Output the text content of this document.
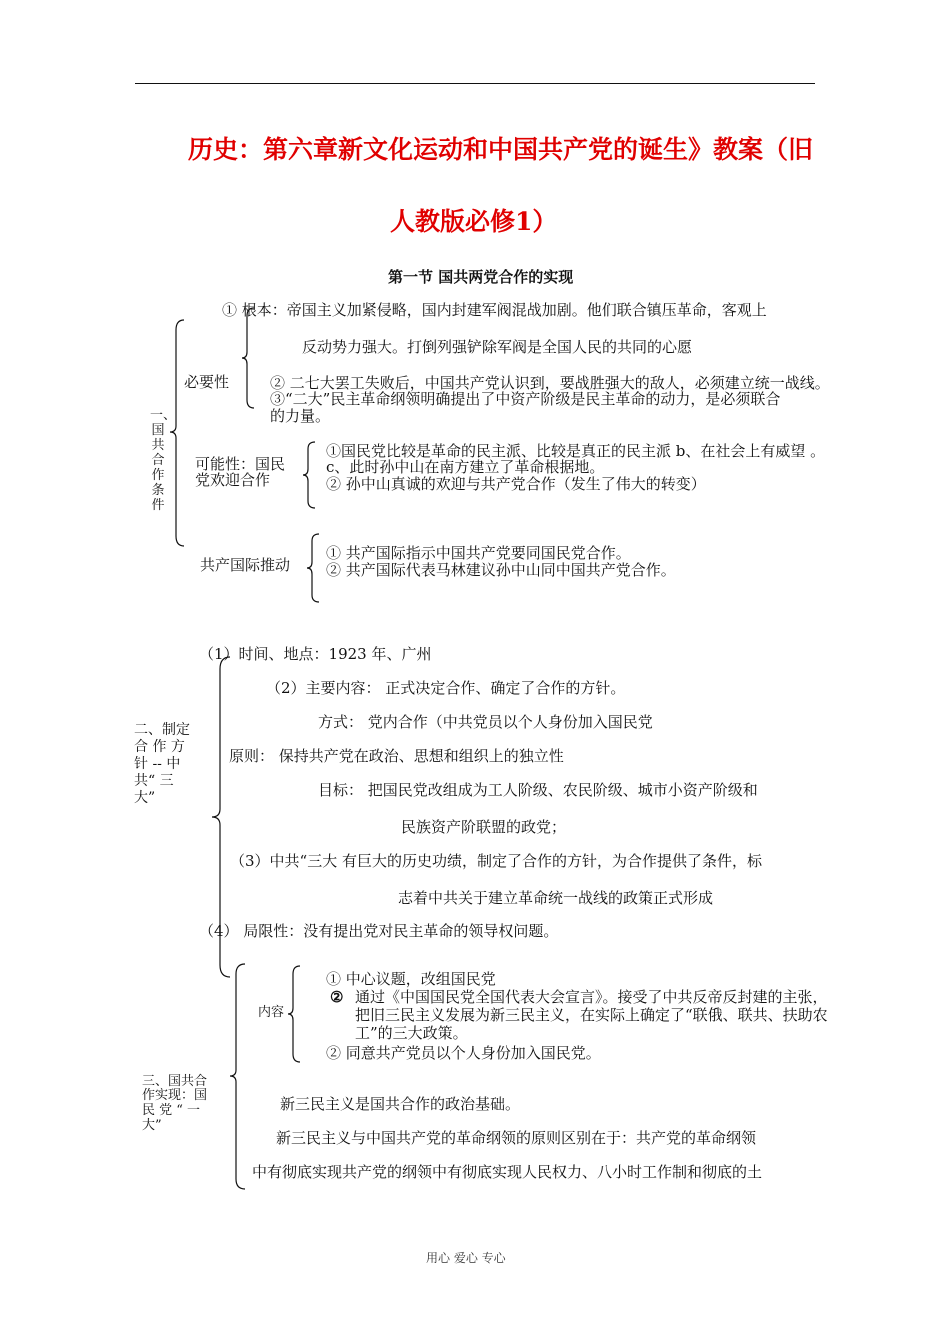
历史：第六章新文化运动和中国共产党的诞生》教案（旧
人教版必修1）
第一节 国共两党合作的实现
一、国共合作条件
必要性
① 根本：帝国主义加紧侵略，国内封建军阀混战加剧。他们联合镇压革命，客观上
反动势力强大。打倒列强铲除军阀是全国人民的共同的心愿
② 二七大罢工失败后，中国共产党认识到，要战胜强大的敌人，必须建立统一战线。
③“二大”民主革命纲领明确提出了中资产阶级是民主革命的动力，是必须联合
的力量。
可能性：国民
党欢迎合作
①国民党比较是革命的民主派、比较是真正的民主派 b、在社会上有威望 。
c、此时孙中山在南方建立了革命根据地。
② 孙中山真诚的欢迎与共产党合作（发生了伟大的转变）
共产国际推动
① 共产国际指示中国共产党要同国民党合作。
② 共产国际代表马林建议孙中山同中国共产党合作。
二、制定
合 作 方
针 -- 中
共“ 三
大”
（1）时间、地点：1923 年、广州
（2）主要内容： 正式决定合作、确定了合作的方针。
方式： 党内合作（中共党员以个人身份加入国民党
原则： 保持共产党在政治、思想和组织上的独立性
目标： 把国民党改组成为工人阶级、农民阶级、城市小资产阶级和
民族资产阶联盟的政党；
（3）中共“三大 有巨大的历史功绩，制定了合作的方针，为合作提供了条件，标
志着中共关于建立革命统一战线的政策正式形成
（4） 局限性：没有提出党对民主革命的领导权问题。
三、国共合
作实现：国
民 党 “ 一
大”
内容
① 中心议题，改组国民党
② 通过《中国国民党全国代表大会宣言》。接受了中共反帝反封建的主张，
把旧三民主义发展为新三民主义，在实际上确定了“联俄、联共、扶助农
工”的三大政策。
② 同意共产党员以个人身份加入国民党。
新三民主义是国共合作的政治基础。
新三民主义与中国共产党的革命纲领的原则区别在于：共产党的革命纲领
中有彻底实现共产党的纲领中有彻底实现人民权力、八小时工作制和彻底的土
用心 爱心 专心
